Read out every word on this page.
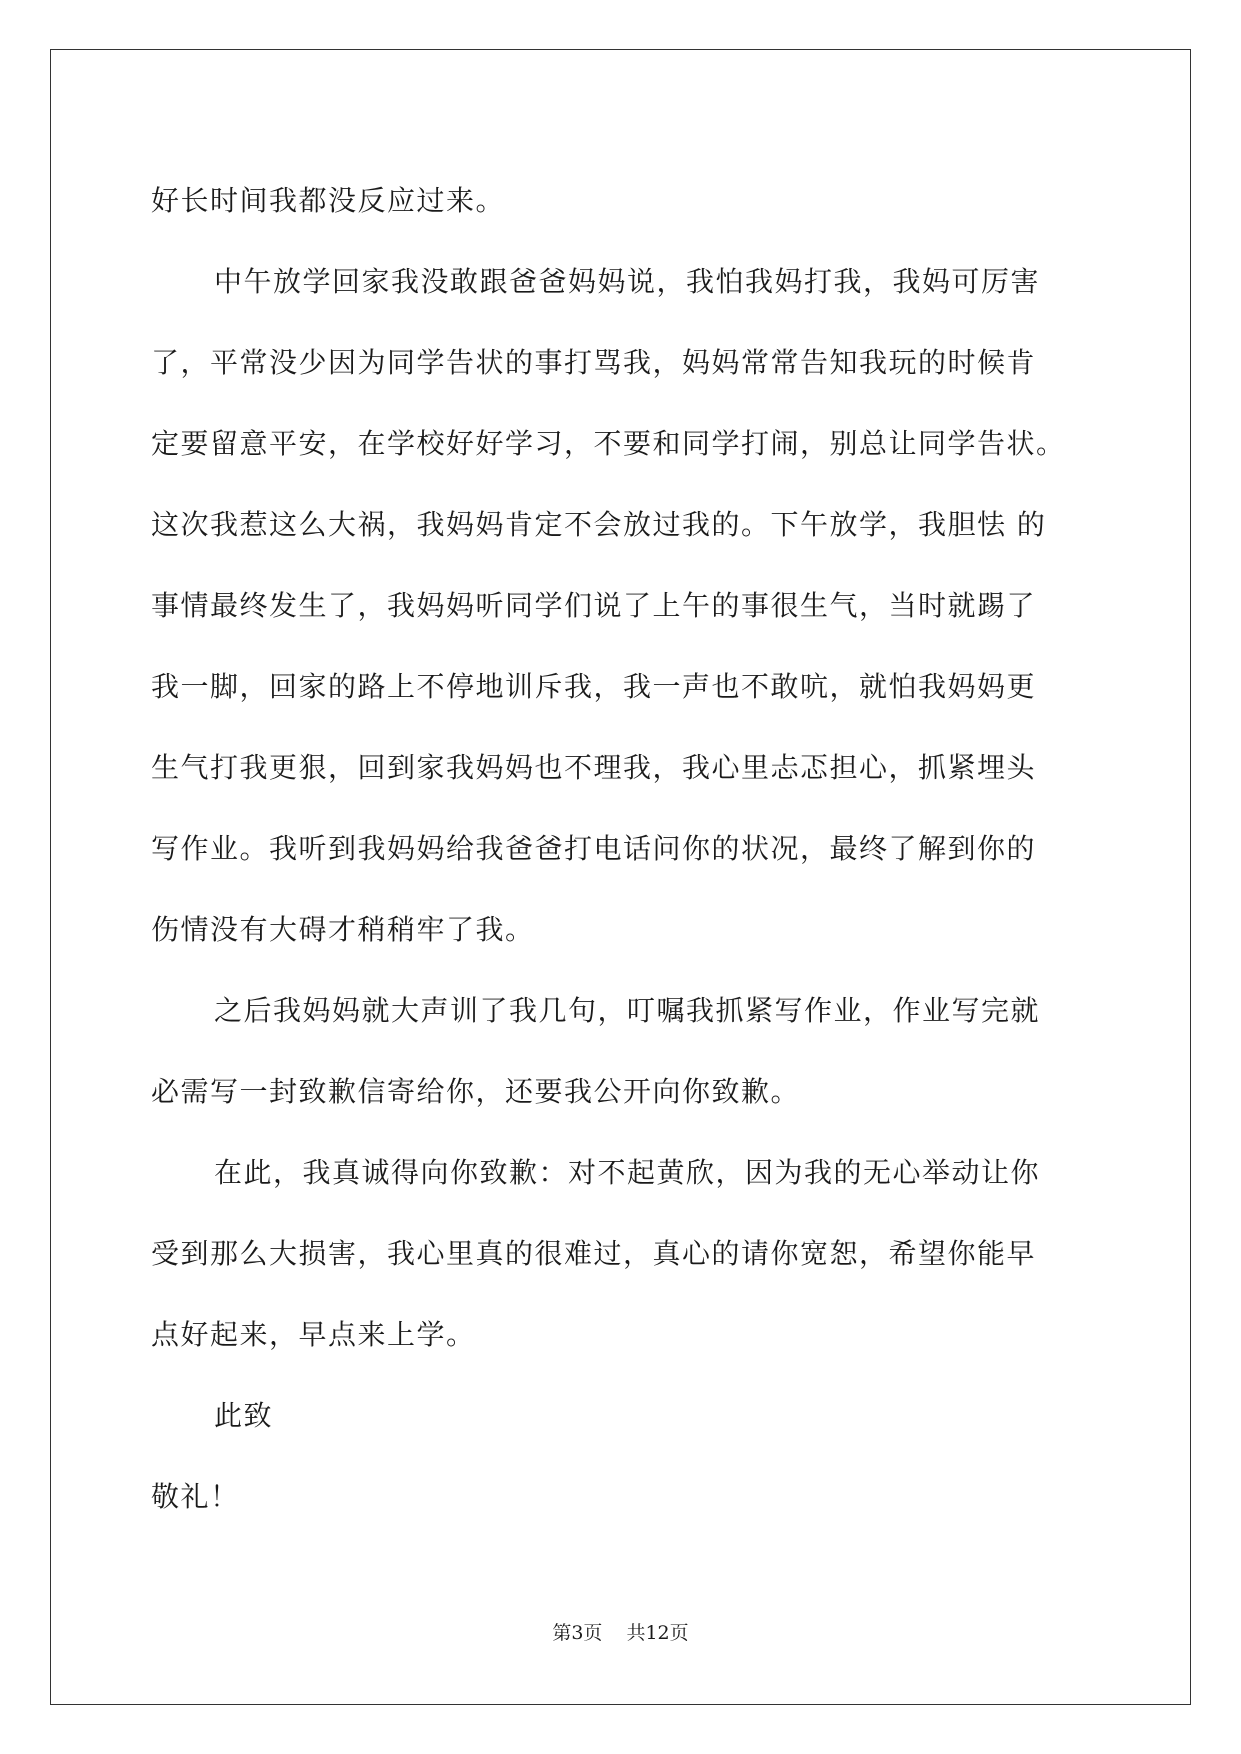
好长时间我都没反应过来。
中午放学回家我没敢跟爸爸妈妈说，我怕我妈打我，我妈可厉害
了，平常没少因为同学告状的事打骂我，妈妈常常告知我玩的时候肯
定要留意平安，在学校好好学习，不要和同学打闹，别总让同学告状。
这次我惹这么大祸，我妈妈肯定不会放过我的。下午放学，我胆怯 的
事情最终发生了，我妈妈听同学们说了上午的事很生气，当时就踢了
我一脚，回家的路上不停地训斥我，我一声也不敢吭，就怕我妈妈更
生气打我更狠，回到家我妈妈也不理我，我心里忐忑担心，抓紧埋头
写作业。我听到我妈妈给我爸爸打电话问你的状况，最终了解到你的
伤情没有大碍才稍稍牢了我。
之后我妈妈就大声训了我几句，叮嘱我抓紧写作业，作业写完就
必需写一封致歉信寄给你，还要我公开向你致歉。
在此，我真诚得向你致歉：对不起黄欣，因为我的无心举动让你
受到那么大损害，我心里真的很难过，真心的请你宽恕，希望你能早
点好起来，早点来上学。
此致
敬礼！
第3页 共12页
